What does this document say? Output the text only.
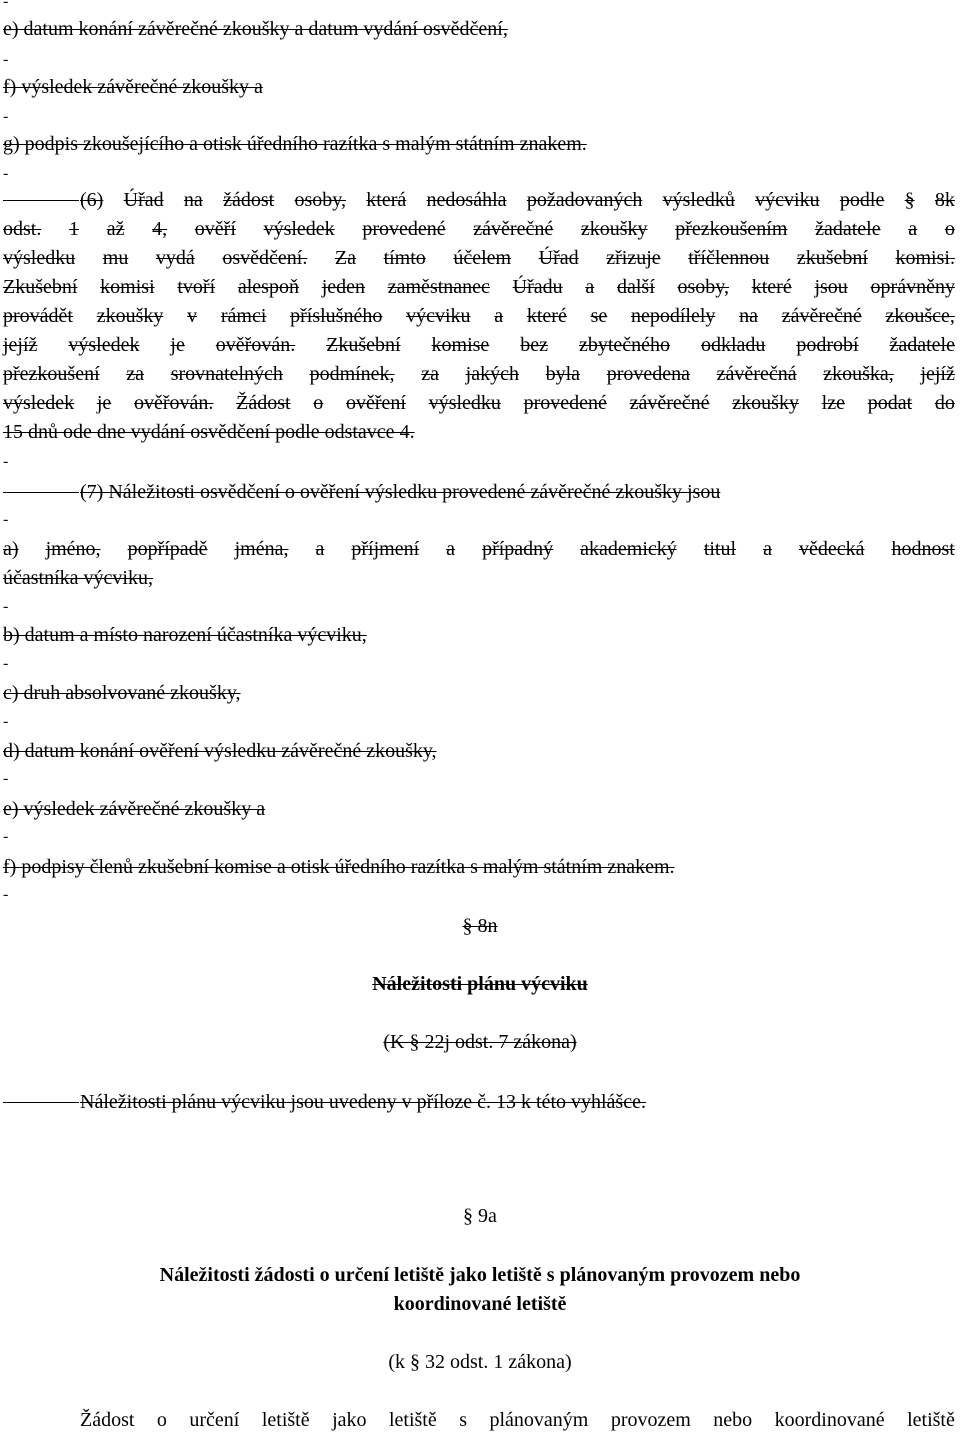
-
e) datum konání závěrečné zkoušky a datum vydání osvědčení,
-
f) výsledek závěrečné zkoušky a
-
g) podpis zkoušejícího a otisk úředního razítka s malým státním znakem.
-
(6) Úřad na žádost osoby, která nedosáhla požadovaných výsledků výcviku podle § 8k
odst. 1 až 4, ověří výsledek provedené závěrečné zkoušky přezkoušením žadatele a o
výsledku mu vydá osvědčení. Za tímto účelem Úřad zřizuje tříčlennou zkušební komisi.
Zkušební komisi tvoří alespoň jeden zaměstnanec Úřadu a další osoby, které jsou oprávněny
provádět zkoušky v rámci příslušného výcviku a které se nepodílely na závěrečné zkoušce,
jejíž výsledek je ověřován. Zkušební komise bez zbytečného odkladu podrobí žadatele
přezkoušení za srovnatelných podmínek, za jakých byla provedena závěrečná zkouška, jejíž
výsledek je ověřován. Žádost o ověření výsledku provedené závěrečné zkoušky lze podat do
15 dnů ode dne vydání osvědčení podle odstavce 4.
-
(7) Náležitosti osvědčení o ověření výsledku provedené závěrečné zkoušky jsou
-
a) jméno, popřípadě jména, a příjmení a případný akademický titul a vědecká hodnost
účastníka výcviku,
-
b) datum a místo narození účastníka výcviku,
-
c) druh absolvované zkoušky,
-
d) datum konání ověření výsledku závěrečné zkoušky,
-
e) výsledek závěrečné zkoušky a
-
f) podpisy členů zkušební komise a otisk úředního razítka s malým státním znakem.
-
§ 8n
Náležitosti plánu výcviku
(K § 22j odst. 7 zákona)
Náležitosti plánu výcviku jsou uvedeny v příloze č. 13 k této vyhlášce.
§ 9a
Náležitosti žádosti o určení letiště jako letiště s plánovaným provozem nebo
koordinované letiště
(k § 32 odst. 1 zákona)
Žádost o určení letiště jako letiště s plánovaným provozem nebo koordinované letiště
